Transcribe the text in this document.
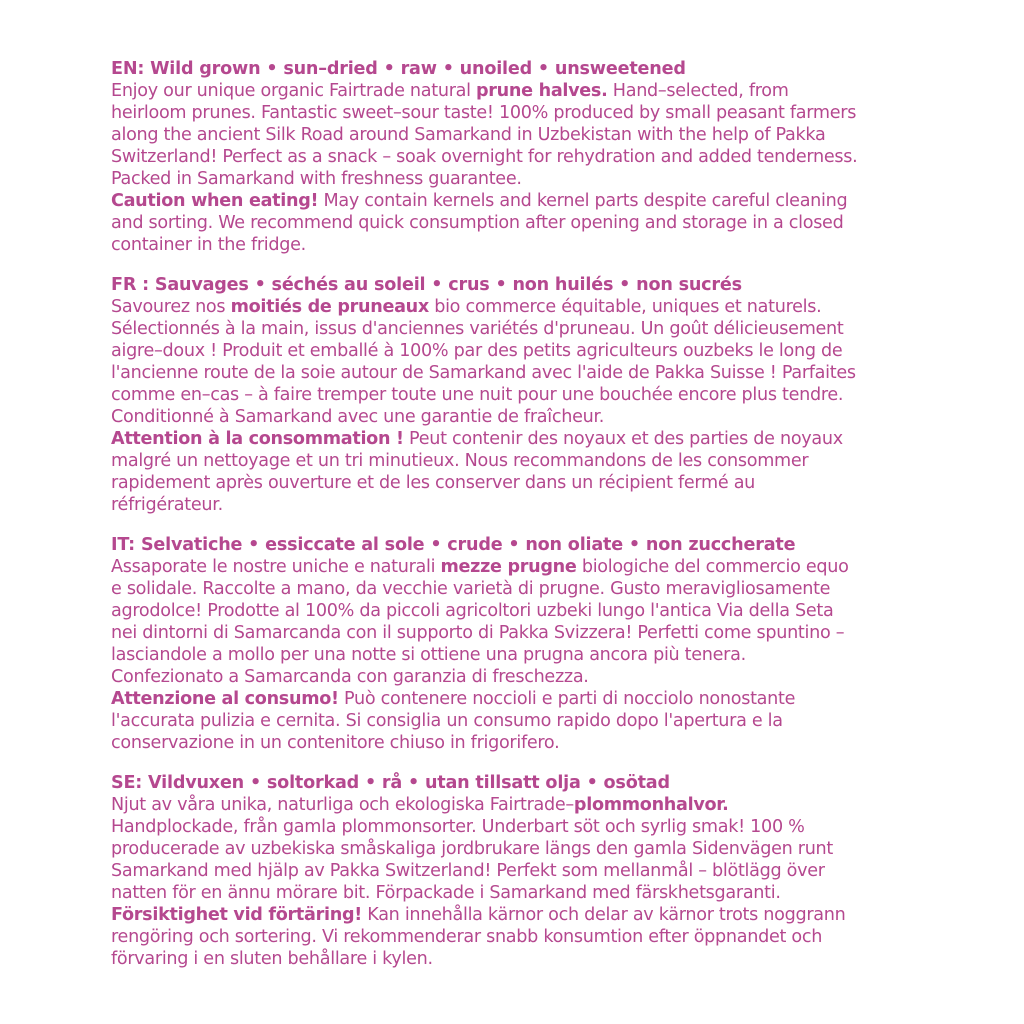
EN: Wild grown • sun–dried • raw • unoiled • unsweetened
Enjoy our unique organic Fairtrade natural prune halves. Hand–selected, from
heirloom prunes. Fantastic sweet–sour taste! 100% produced by small peasant farmers
along the ancient Silk Road around Samarkand in Uzbekistan with the help of Pakka
Switzerland! Perfect as a snack – soak overnight for rehydration and added tenderness.
Packed in Samarkand with freshness guarantee.
Caution when eating! May contain kernels and kernel parts despite careful cleaning
and sorting. We recommend quick consumption after opening and storage in a closed
container in the fridge.
FR : Sauvages • séchés au soleil • crus • non huilés • non sucrés
Savourez nos moitiés de pruneaux bio commerce équitable, uniques et naturels.
Sélectionnés à la main, issus d'anciennes variétés d'pruneau. Un goût délicieusement
aigre–doux ! Produit et emballé à 100% par des petits agriculteurs ouzbeks le long de
l'ancienne route de la soie autour de Samarkand avec l'aide de Pakka Suisse ! Parfaites
comme en–cas – à faire tremper toute une nuit pour une bouchée encore plus tendre.
Conditionné à Samarkand avec une garantie de fraîcheur.
Attention à la consommation ! Peut contenir des noyaux et des parties de noyaux
malgré un nettoyage et un tri minutieux. Nous recommandons de les consommer
rapidement après ouverture et de les conserver dans un récipient fermé au
réfrigérateur.
IT: Selvatiche • essiccate al sole • crude • non oliate • non zuccherate
Assaporate le nostre uniche e naturali mezze prugne biologiche del commercio equo
e solidale. Raccolte a mano, da vecchie varietà di prugne. Gusto meravigliosamente
agrodolce! Prodotte al 100% da piccoli agricoltori uzbeki lungo l'antica Via della Seta
nei dintorni di Samarcanda con il supporto di Pakka Svizzera! Perfetti come spuntino –
lasciandole a mollo per una notte si ottiene una prugna ancora più tenera.
Confezionato a Samarcanda con garanzia di freschezza.
Attenzione al consumo! Può contenere noccioli e parti di nocciolo nonostante
l'accurata pulizia e cernita. Si consiglia un consumo rapido dopo l'apertura e la
conservazione in un contenitore chiuso in frigorifero.
SE: Vildvuxen • soltorkad • rå • utan tillsatt olja • osötad
Njut av våra unika, naturliga och ekologiska Fairtrade–plommonhalvor.
Handplockade, från gamla plommonsorter. Underbart söt och syrlig smak! 100 %
producerade av uzbekiska småskaliga jordbrukare längs den gamla Sidenvägen runt
Samarkand med hjälp av Pakka Switzerland! Perfekt som mellanmål – blötlägg över
natten för en ännu mörare bit. Förpackade i Samarkand med färskhetsgaranti.
Försiktighet vid förtäring! Kan innehålla kärnor och delar av kärnor trots noggrann
rengöring och sortering. Vi rekommenderar snabb konsumtion efter öppnandet och
förvaring i en sluten behållare i kylen.
